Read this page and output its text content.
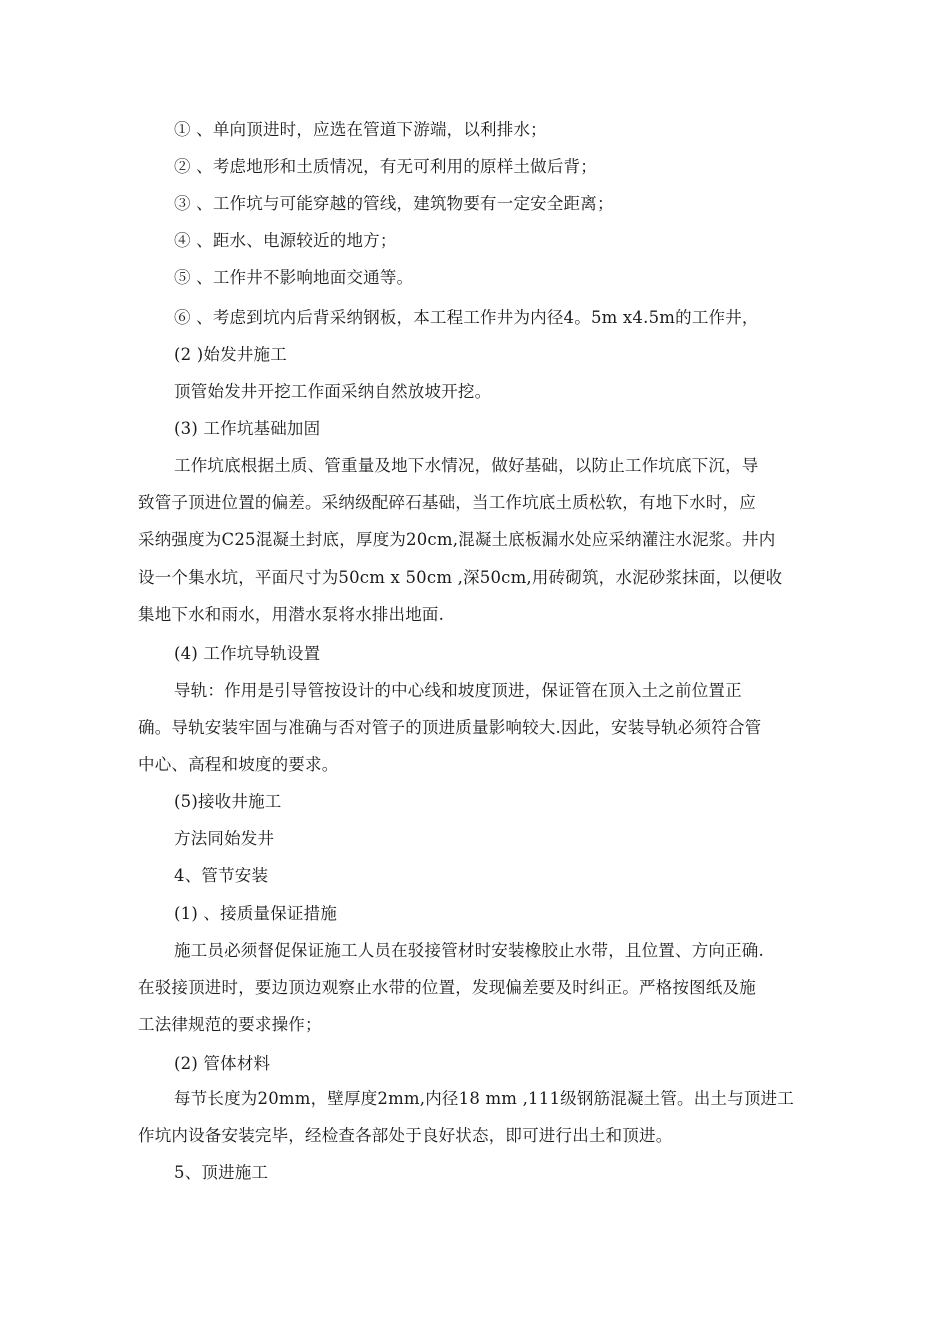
① 、单向顶进时，应选在管道下游端，以利排水；
② 、考虑地形和土质情况，有无可利用的原样土做后背；
③ 、工作坑与可能穿越的管线，建筑物要有一定安全距离；
④ 、距水、电源较近的地方；
⑤ 、工作井不影响地面交通等。
⑥ 、考虑到坑内后背采纳钢板，本工程工作井为内径4。5m x4.5m的工作井，
(2 )始发井施工
顶管始发井开挖工作面采纳自然放坡开挖。
(3) 工作坑基础加固
工作坑底根据土质、管重量及地下水情况，做好基础，以防止工作坑底下沉，导
致管子顶进位置的偏差。采纳级配碎石基础，当工作坑底土质松软，有地下水时，应
采纳强度为C25混凝土封底，厚度为20cm,混凝土底板漏水处应采纳灌注水泥浆。井内
设一个集水坑，平面尺寸为50cm x 50cm ,深50cm,用砖砌筑，水泥砂浆抹面，以便收
集地下水和雨水，用潜水泵将水排出地面.
(4) 工作坑导轨设置
导轨：作用是引导管按设计的中心线和坡度顶进，保证管在顶入土之前位置正
确。导轨安装牢固与准确与否对管子的顶进质量影响较大.因此，安装导轨必须符合管
中心、高程和坡度的要求。
(5)接收井施工
方法同始发井
4、管节安装
(1) 、接质量保证措施
施工员必须督促保证施工人员在驳接管材时安装橡胶止水带，且位置、方向正确.
在驳接顶进时，要边顶边观察止水带的位置，发现偏差要及时纠正。严格按图纸及施
工法律规范的要求操作；
(2) 管体材料
每节长度为20mm，壁厚度2mm,内径18 mm ,111级钢筋混凝土管。出土与顶进工
作坑内设备安装完毕，经检查各部处于良好状态，即可进行出土和顶进。
5、顶进施工
